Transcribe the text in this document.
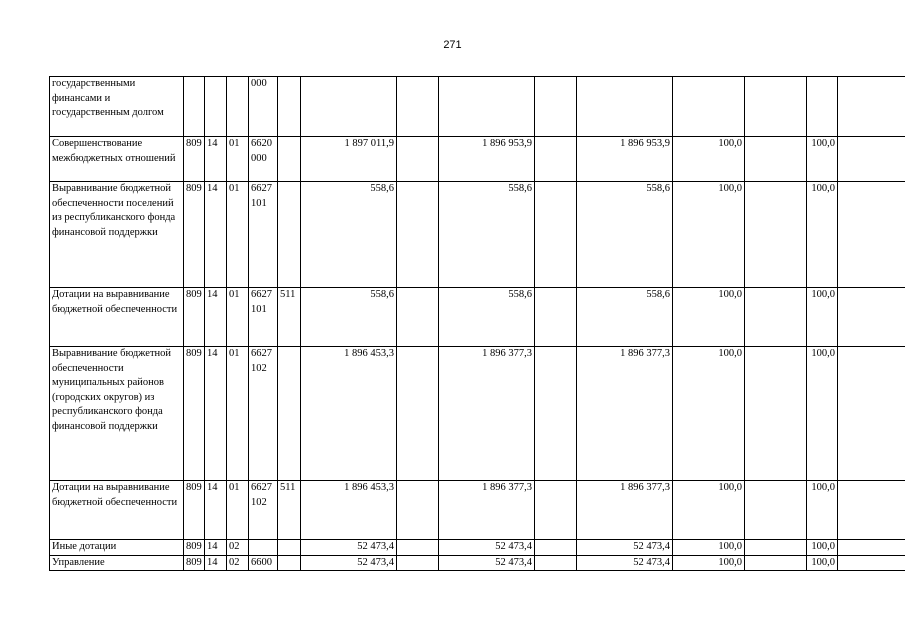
271
государственными финансами и государственным долгом				000										
Совершенствование межбюджетных отношений	809	14	01	6620 000		1 897 011,9		1 896 953,9		1 896 953,9	100,0		100,0	
Выравнивание бюджетной обеспеченности поселений из республиканского фонда финансовой поддержки	809	14	01	6627 101		558,6		558,6		558,6	100,0		100,0	
Дотации на выравнивание бюджетной обеспеченности	809	14	01	6627 101	511	558,6		558,6		558,6	100,0		100,0	
Выравнивание бюджетной обеспеченности муниципальных районов (городских округов) из республиканского фонда финансовой поддержки	809	14	01	6627 102		1 896 453,3		1 896 377,3		1 896 377,3	100,0		100,0	
Дотации на выравнивание бюджетной обеспеченности	809	14	01	6627 102	511	1 896 453,3		1 896 377,3		1 896 377,3	100,0		100,0	
Иные дотации	809	14	02			52 473,4		52 473,4		52 473,4	100,0		100,0	
Управление	809	14	02	6600		52 473,4		52 473,4		52 473,4	100,0		100,0	
